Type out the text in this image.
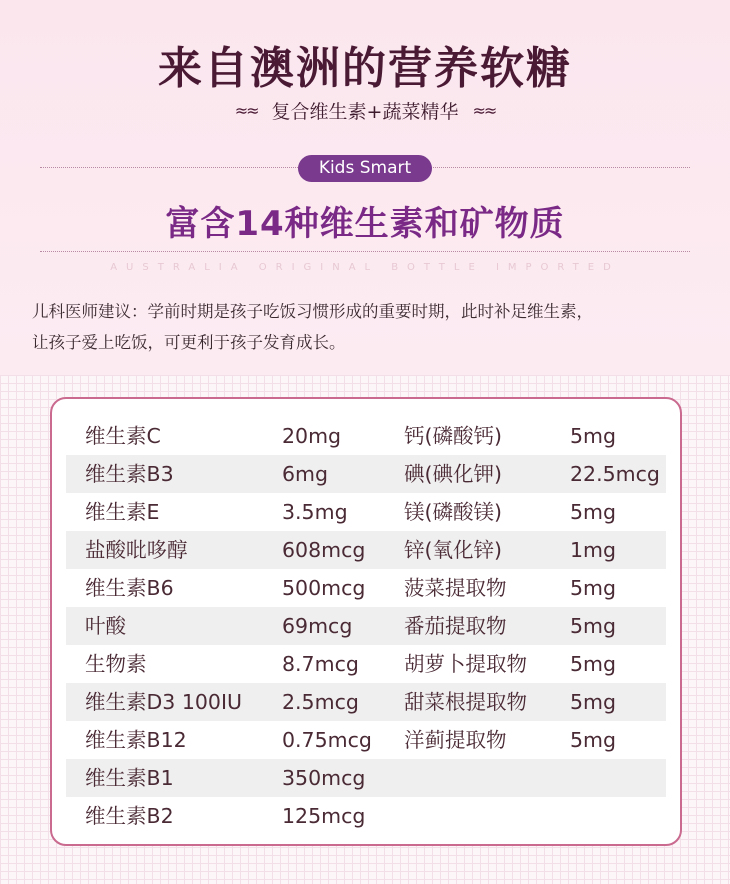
来自澳洲的营养软糖
≈≈ 复合维生素+蔬菜精华 ≈≈
Kids Smart
富含14种维生素和矿物质
AUSTRALIA ORIGINAL BOTTLE IMPORTED
儿科医师建议：学前时期是孩子吃饭习惯形成的重要时期，此时补足维生素，
让孩子爱上吃饭，可更利于孩子发育成长。
维生素C	20mg	钙(磷酸钙)	5mg
维生素B3	6mg	碘(碘化钾)	22.5mcg
维生素E	3.5mg	镁(磷酸镁)	5mg
盐酸吡哆醇	608mcg 锌(氧化锌)	1mg
维生素B6	500mcg 菠菜提取物	5mg
叶酸	69mcg	番茄提取物	5mg
生物素	8.7mcg 胡萝卜提取物 5mg
维生素D3 100IU 2.5mcg 甜菜根提取物 5mg
维生素B12	0.75mcg 洋蓟提取物	5mg
维生素B1	350mcg
维生素B2	125mcg
